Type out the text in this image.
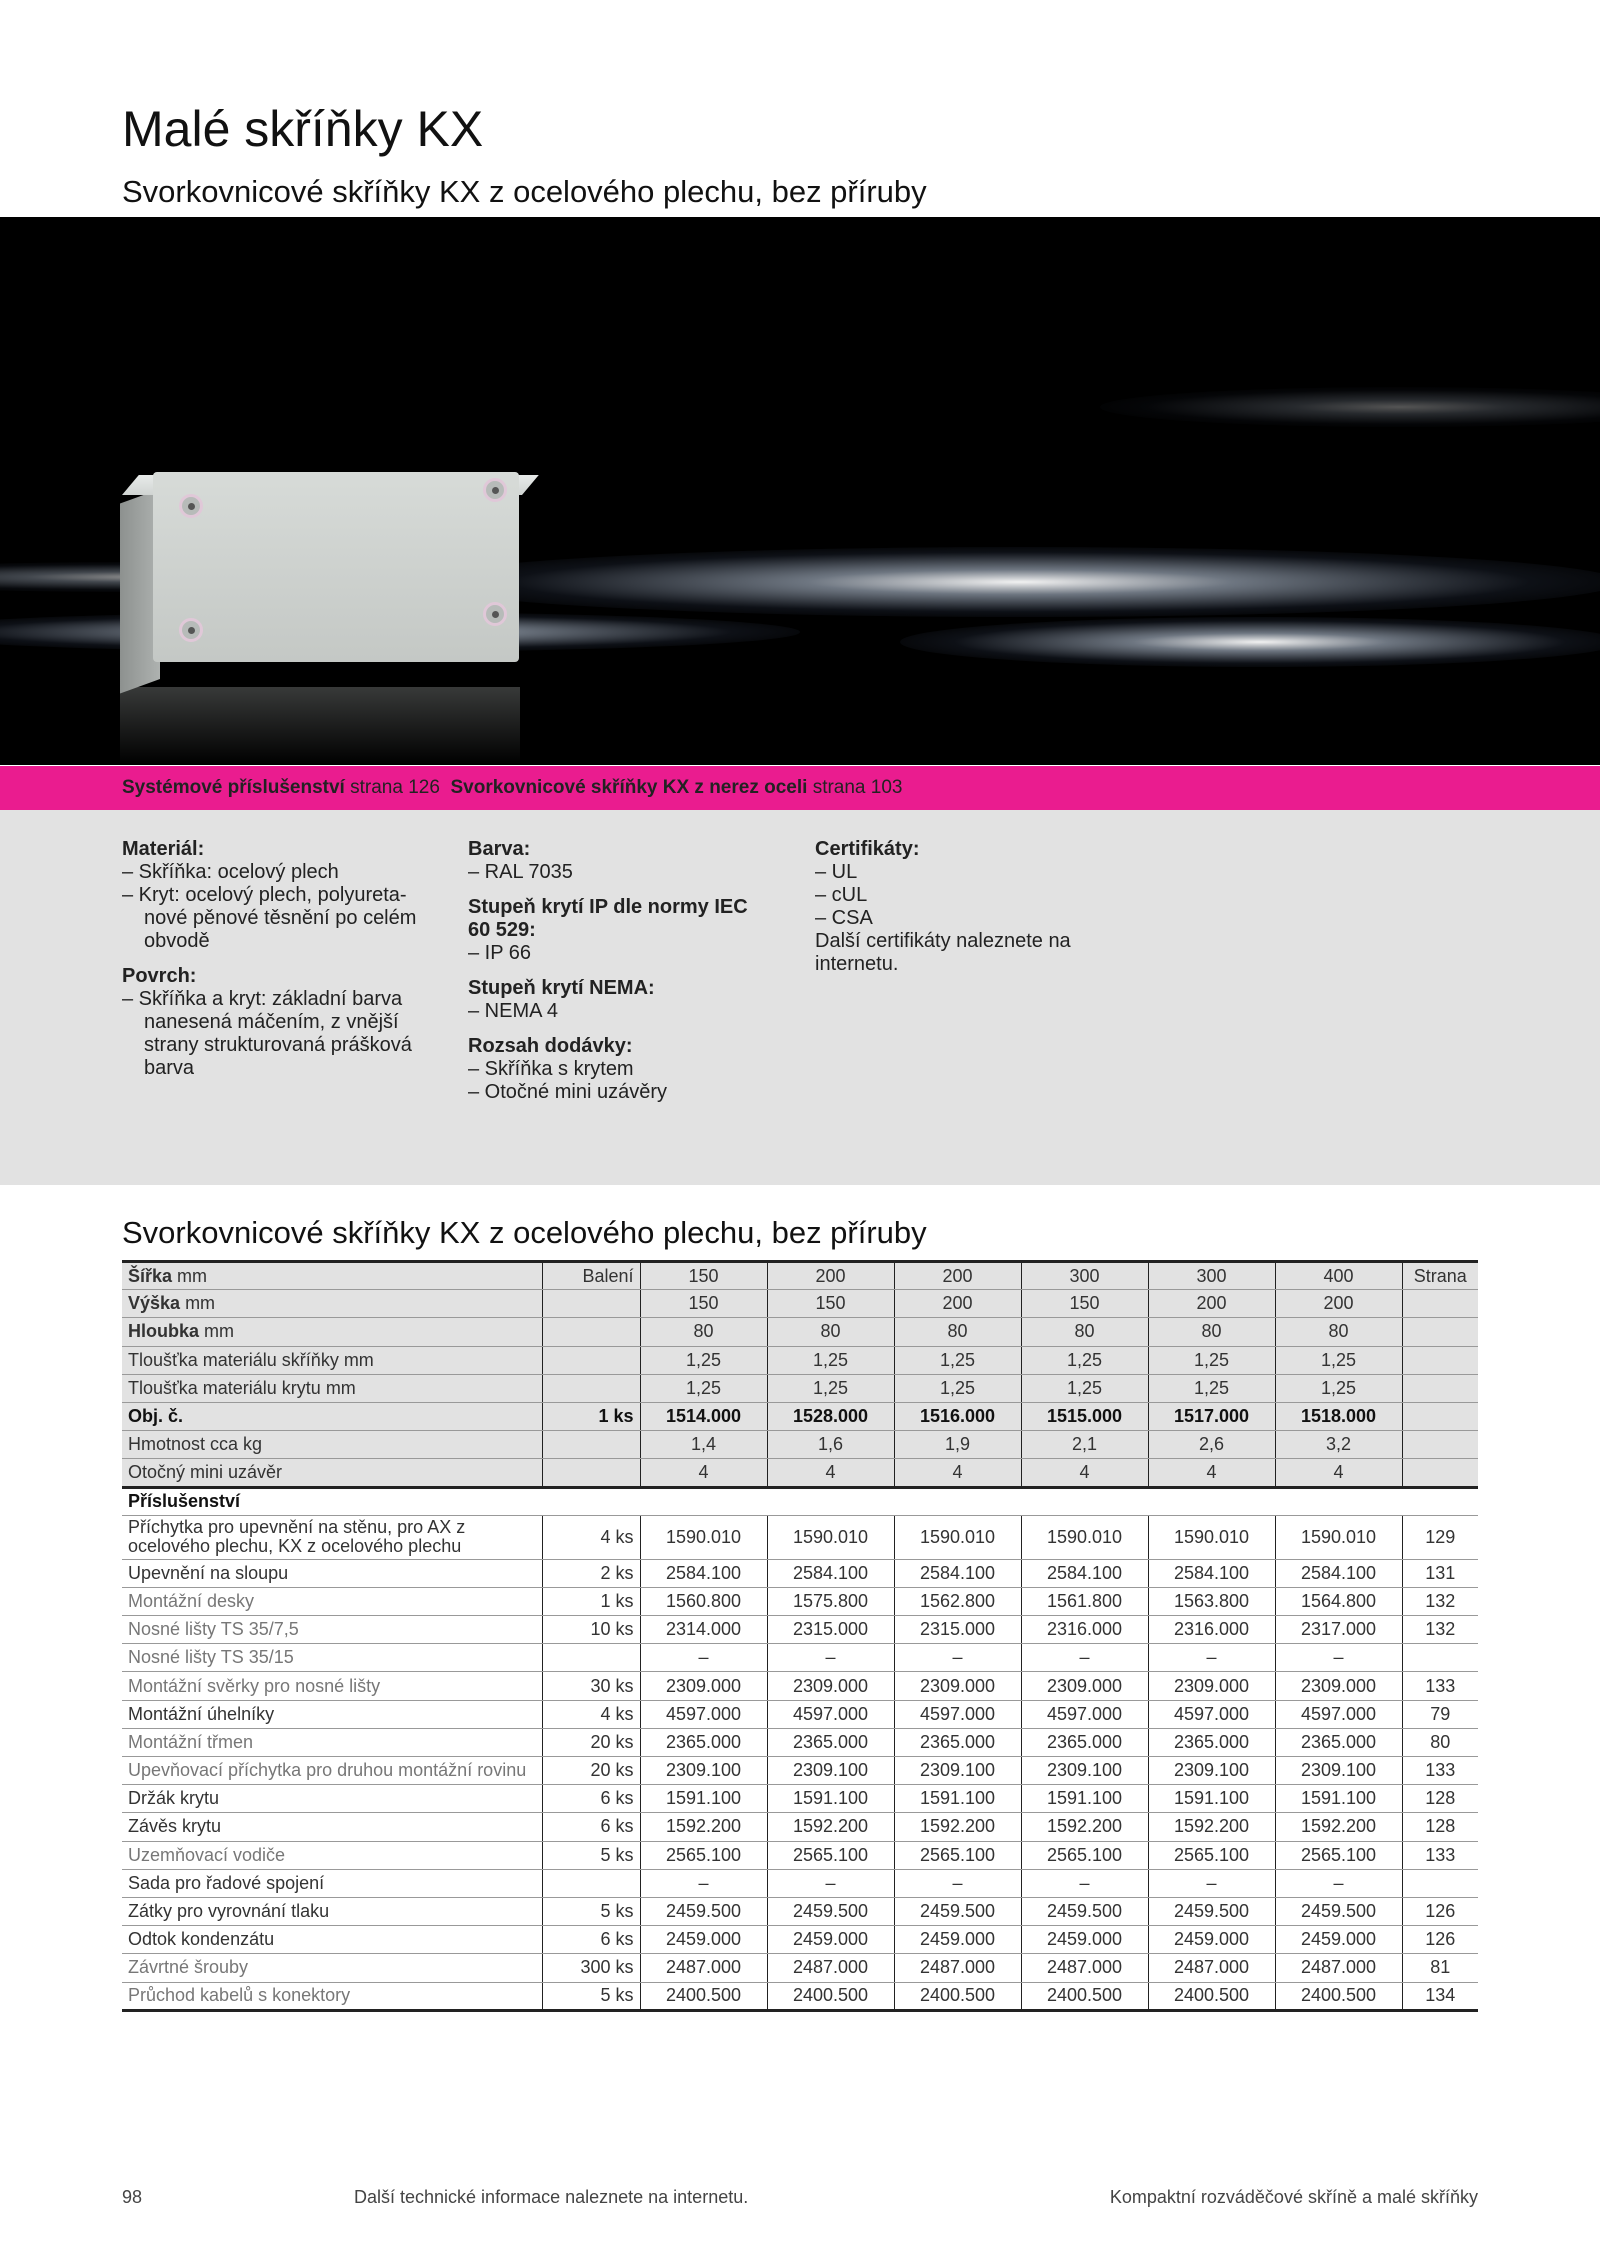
Malé skříňky KX
Svorkovnicové skříňky KX z ocelového plechu, bez příruby
Systémové příslušenství strana 126 Svorkovnicové skříňky KX z nerez oceli strana 103
Materiál:
– Skříňka: ocelový plech
– Kryt: ocelový plech, polyureta-nové pěnové těsnění po celém obvodě
Povrch:
– Skříňka a kryt: základní barva nanesená máčením, z vnější strany strukturovaná prášková barva
Barva:
– RAL 7035
Stupeň krytí IP dle normy IEC 60 529:
– IP 66
Stupeň krytí NEMA:
– NEMA 4
Rozsah dodávky:
– Skříňka s krytem
– Otočné mini uzávěry
Certifikáty:
– UL
– cUL
– CSA
Další certifikáty naleznete na internetu.
Svorkovnicové skříňky KX z ocelového plechu, bez příruby
Šířka mm	Balení	150	200	200	300	300	400	Strana
Výška mm		150	150	200	150	200	200	
Hloubka mm		80	80	80	80	80	80	
Tloušťka materiálu skříňky mm		1,25	1,25	1,25	1,25	1,25	1,25	
Tloušťka materiálu krytu mm		1,25	1,25	1,25	1,25	1,25	1,25	
Obj. č.	1 ks	1514.000	1528.000	1516.000	1515.000	1517.000	1518.000	
Hmotnost cca kg		1,4	1,6	1,9	2,1	2,6	3,2	
Otočný mini uzávěr		4	4	4	4	4	4	
Příslušenství								
Příchytka pro upevnění na stěnu, pro AX z ocelového plechu, KX z ocelového plechu	4 ks	1590.010	1590.010	1590.010	1590.010	1590.010	1590.010	129
Upevnění na sloupu	2 ks	2584.100	2584.100	2584.100	2584.100	2584.100	2584.100	131
Montážní desky	1 ks	1560.800	1575.800	1562.800	1561.800	1563.800	1564.800	132
Nosné lišty TS 35/7,5	10 ks	2314.000	2315.000	2315.000	2316.000	2316.000	2317.000	132
Nosné lišty TS 35/15		–	–	–	–	–	–	
Montážní svěrky pro nosné lišty	30 ks	2309.000	2309.000	2309.000	2309.000	2309.000	2309.000	133
Montážní úhelníky	4 ks	4597.000	4597.000	4597.000	4597.000	4597.000	4597.000	79
Montážní třmen	20 ks	2365.000	2365.000	2365.000	2365.000	2365.000	2365.000	80
Upevňovací příchytka pro druhou montážní rovinu	20 ks	2309.100	2309.100	2309.100	2309.100	2309.100	2309.100	133
Držák krytu	6 ks	1591.100	1591.100	1591.100	1591.100	1591.100	1591.100	128
Závěs krytu	6 ks	1592.200	1592.200	1592.200	1592.200	1592.200	1592.200	128
Uzemňovací vodiče	5 ks	2565.100	2565.100	2565.100	2565.100	2565.100	2565.100	133
Sada pro řadové spojení		–	–	–	–	–	–	
Zátky pro vyrovnání tlaku	5 ks	2459.500	2459.500	2459.500	2459.500	2459.500	2459.500	126
Odtok kondenzátu	6 ks	2459.000	2459.000	2459.000	2459.000	2459.000	2459.000	126
Závrtné šrouby	300 ks	2487.000	2487.000	2487.000	2487.000	2487.000	2487.000	81
Průchod kabelů s konektory	5 ks	2400.500	2400.500	2400.500	2400.500	2400.500	2400.500	134
98	Další technické informace naleznete na internetu.	Kompaktní rozváděčové skříně a malé skříňky
